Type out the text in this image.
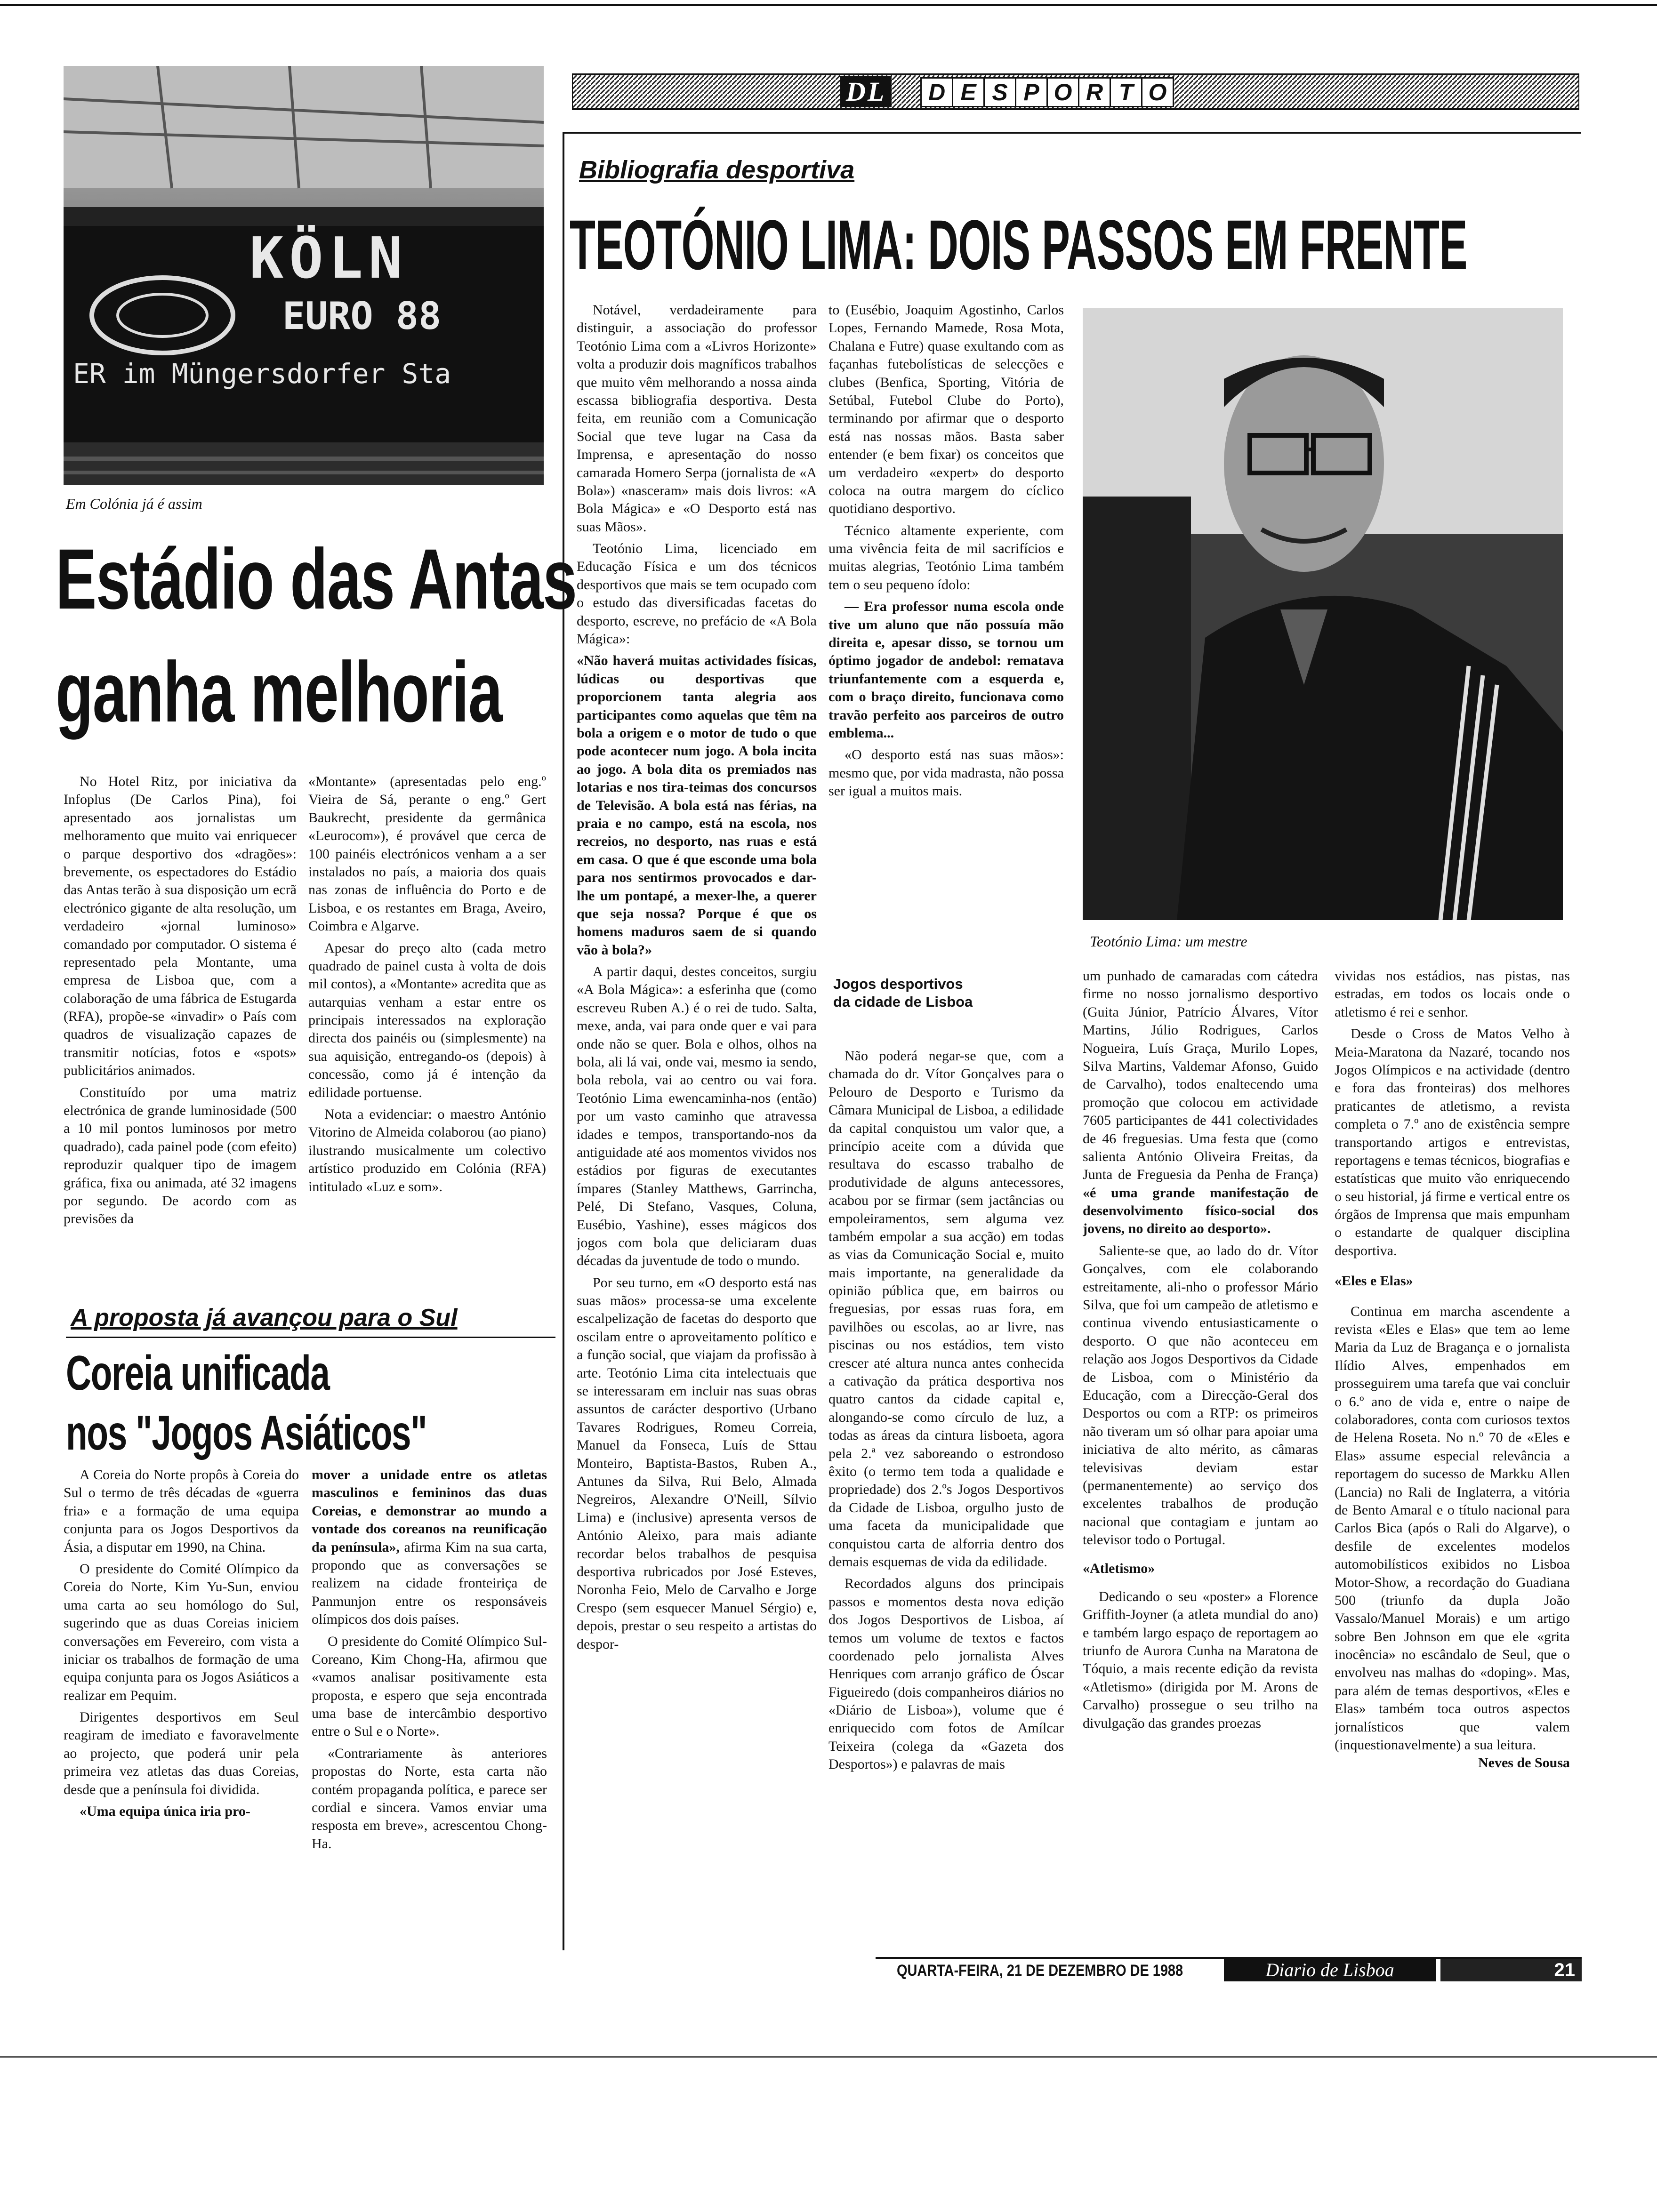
DL	D E S P O R T O
KÖLN
EURO 88
ER im Müngersdorfer Sta
Em Colónia já é assim
Estádio das Antas
ganha melhoria

No Hotel Ritz, por iniciativa da Infoplus (De Carlos Pina), foi apresentado aos jornalistas um melhoramento que muito vai enriquecer o parque desportivo dos «dragões»: brevemente, os espectadores do Estádio das Antas terão à sua disposição um ecrã electrónico gigante de alta resolução, um verdadeiro «jornal luminoso» comandado por computador. O sistema é representado pela Montante, uma empresa de Lisboa que, com a colaboração de uma fábrica de Estugarda (RFA), propõe-se «invadir» o País com quadros de visualização capazes de transmitir notícias, fotos e «spots» publicitários animados.

Constituído por uma matriz electrónica de grande luminosidade (500 a 10 mil pontos luminosos por metro quadrado), cada painel pode (com efeito) reproduzir qualquer tipo de imagem gráfica, fixa ou animada, até 32 imagens por segundo. De acordo com as previsões da

«Montante» (apresentadas pelo eng.º Vieira de Sá, perante o eng.º Gert Baukrecht, presidente da germânica «Leurocom»), é provável que cerca de 100 painéis electrónicos venham a a ser instalados no país, a maioria dos quais nas zonas de influência do Porto e de Lisboa, e os restantes em Braga, Aveiro, Coimbra e Algarve.

Apesar do preço alto (cada metro quadrado de painel custa à volta de dois mil contos), a «Montante» acredita que as autarquias venham a estar entre os principais interessados na exploração directa dos painéis ou (simplesmente) na sua aquisição, entregando-os (depois) à concessão, como já é intenção da edilidade portuense.

Nota a evidenciar: o maestro António Vitorino de Almeida colaborou (ao piano) ilustrando musicalmente um colectivo artístico produzido em Colónia (RFA) intitulado «Luz e som».

A proposta já avançou para o Sul
Coreia unificada
nos "Jogos Asiáticos"

A Coreia do Norte propôs à Coreia do Sul o termo de três décadas de «guerra fria» e a formação de uma equipa conjunta para os Jogos Desportivos da Ásia, a disputar em 1990, na China.

O presidente do Comité Olímpico da Coreia do Norte, Kim Yu-Sun, enviou uma carta ao seu homólogo do Sul, sugerindo que as duas Coreias iniciem conversações em Fevereiro, com vista a iniciar os trabalhos de formação de uma equipa conjunta para os Jogos Asiáticos a realizar em Pequim.

Dirigentes desportivos em Seul reagiram de imediato e favoravelmente ao projecto, que poderá unir pela primeira vez atletas das duas Coreias, desde que a península foi dividida.

«Uma equipa única iria pro-

mover a unidade entre os atletas masculinos e femininos das duas Coreias, e demonstrar ao mundo a vontade dos coreanos na reunificação da península», afirma Kim na sua carta, propondo que as conversações se realizem na cidade fronteiriça de Panmunjon entre os responsáveis olímpicos dos dois países.

O presidente do Comité Olímpico Sul-Coreano, Kim Chong-Ha, afirmou que «vamos analisar positivamente esta proposta, e espero que seja encontrada uma base de intercâmbio desportivo entre o Sul e o Norte».

«Contrariamente às anteriores propostas do Norte, esta carta não contém propaganda política, e parece ser cordial e sincera. Vamos enviar uma resposta em breve», acrescentou Chong-Ha.

Bibliografia desportiva
TEOTÓNIO LIMA: DOIS PASSOS EM FRENTE

Notável, verdadeiramente para distinguir, a associação do professor Teotónio Lima com a «Livros Horizonte» volta a produzir dois magníficos trabalhos que muito vêm melhorando a nossa ainda escassa bibliografia desportiva. Desta feita, em reunião com a Comunicação Social que teve lugar na Casa da Imprensa, e apresentação do nosso camarada Homero Serpa (jornalista de «A Bola») «nasceram» mais dois livros: «A Bola Mágica» e «O Desporto está nas suas Mãos».

Teotónio Lima, licenciado em Educação Física e um dos técnicos desportivos que mais se tem ocupado com o estudo das diversificadas facetas do desporto, escreve, no prefácio de «A Bola Mágica»:

«Não haverá muitas actividades físicas, lúdicas ou desportivas que proporcionem tanta alegria aos participantes como aquelas que têm na bola a origem e o motor de tudo o que pode acontecer num jogo. A bola incita ao jogo. A bola dita os premiados nas lotarias e nos tira-teimas dos concursos de Televisão. A bola está nas férias, na praia e no campo, está na escola, nos recreios, no desporto, nas ruas e está em casa. O que é que esconde uma bola para nos sentirmos provocados e dar-lhe um pontapé, a mexer-lhe, a querer que seja nossa? Porque é que os homens maduros saem de si quando vão à bola?»

A partir daqui, destes conceitos, surgiu «A Bola Mágica»: a esferinha que (como escreveu Ruben A.) é o rei de tudo. Salta, mexe, anda, vai para onde quer e vai para onde não se quer. Bola e olhos, olhos na bola, ali lá vai, onde vai, mesmo ia sendo, bola rebola, vai ao centro ou vai fora. Teotónio Lima ewencaminha-nos (então) por um vasto caminho que atravessa idades e tempos, transportando-nos da antiguidade até aos momentos vividos nos estádios por figuras de executantes ímpares (Stanley Matthews, Garrincha, Pelé, Di Stefano, Vasques, Coluna, Eusébio, Yashine), esses mágicos dos jogos com bola que deliciaram duas décadas da juventude de todo o mundo.

Por seu turno, em «O desporto está nas suas mãos» processa-se uma excelente escalpelização de facetas do desporto que oscilam entre o aproveitamento político e a função social, que viajam da profissão à arte. Teotónio Lima cita intelectuais que se interessaram em incluir nas suas obras assuntos de carácter desportivo (Urbano Tavares Rodrigues, Romeu Correia, Manuel da Fonseca, Luís de Sttau Monteiro, Baptista-Bastos, Ruben A., Antunes da Silva, Rui Belo, Almada Negreiros, Alexandre O'Neill, Sílvio Lima) e (inclusive) apresenta versos de António Aleixo, para mais adiante recordar belos trabalhos de pesquisa desportiva rubricados por José Esteves, Noronha Feio, Melo de Carvalho e Jorge Crespo (sem esquecer Manuel Sérgio) e, depois, prestar o seu respeito a artistas do despor-

to (Eusébio, Joaquim Agostinho, Carlos Lopes, Fernando Mamede, Rosa Mota, Chalana e Futre) quase exultando com as façanhas futebolísticas de selecções e clubes (Benfica, Sporting, Vitória de Setúbal, Futebol Clube do Porto), terminando por afirmar que o desporto está nas nossas mãos. Basta saber entender (e bem fixar) os conceitos que um verdadeiro «expert» do desporto coloca na outra margem do cíclico quotidiano desportivo.

Técnico altamente experiente, com uma vivência feita de mil sacrifícios e muitas alegrias, Teotónio Lima também tem o seu pequeno ídolo:

— Era professor numa escola onde tive um aluno que não possuía mão direita e, apesar disso, se tornou um óptimo jogador de andebol: rematava triunfantemente com a esquerda e, com o braço direito, funcionava como travão perfeito aos parceiros de outro emblema...

«O desporto está nas suas mãos»: mesmo que, por vida madrasta, não possa ser igual a muitos mais.

Teotónio Lima: um mestre
Jogos desportivos
da cidade de Lisboa

Não poderá negar-se que, com a chamada do dr. Vítor Gonçalves para o Pelouro de Desporto e Turismo da Câmara Municipal de Lisboa, a edilidade da capital conquistou um valor que, a princípio aceite com a dúvida que resultava do escasso trabalho de produtividade de alguns antecessores, acabou por se firmar (sem jactâncias ou empoleiramentos, sem alguma vez também empolar a sua acção) em todas as vias da Comunicação Social e, muito mais importante, na generalidade da opinião pública que, em bairros ou freguesias, por essas ruas fora, em pavilhões ou escolas, ao ar livre, nas piscinas ou nos estádios, tem visto crescer até altura nunca antes conhecida a cativação da prática desportiva nos quatro cantos da cidade capital e, alongando-se como círculo de luz, a todas as áreas da cintura lisboeta, agora pela 2.ª vez saboreando o estrondoso êxito (o termo tem toda a qualidade e propriedade) dos 2.ºs Jogos Desportivos da Cidade de Lisboa, orgulho justo de uma faceta da municipalidade que conquistou carta de alforria dentro dos demais esquemas de vida da edilidade.

Recordados alguns dos principais passos e momentos desta nova edição dos Jogos Desportivos de Lisboa, aí temos um volume de textos e factos coordenado pelo jornalista Alves Henriques com arranjo gráfico de Óscar Figueiredo (dois companheiros diários no «Diário de Lisboa»), volume que é enriquecido com fotos de Amílcar Teixeira (colega da «Gazeta dos Desportos») e palavras de mais

um punhado de camaradas com cátedra firme no nosso jornalismo desportivo (Guita Júnior, Patrício Álvares, Vítor Martins, Júlio Rodrigues, Carlos Nogueira, Luís Graça, Murilo Lopes, Silva Martins, Valdemar Afonso, Guido de Carvalho), todos enaltecendo uma promoção que colocou em actividade 7605 participantes de 441 colectividades de 46 freguesias. Uma festa que (como salienta António Oliveira Freitas, da Junta de Freguesia da Penha de França) «é uma grande manifestação de desenvolvimento físico-social dos jovens, no direito ao desporto».

Saliente-se que, ao lado do dr. Vítor Gonçalves, com ele colaborando estreitamente, ali-nho o professor Mário Silva, que foi um campeão de atletismo e continua vivendo entusiasticamente o desporto. O que não aconteceu em relação aos Jogos Desportivos da Cidade de Lisboa, com o Ministério da Educação, com a Direcção-Geral dos Desportos ou com a RTP: os primeiros não tiveram um só olhar para apoiar uma iniciativa de alto mérito, as câmaras televisivas deviam estar (permanentemente) ao serviço dos excelentes trabalhos de produção nacional que contagiam e juntam ao televisor todo o Portugal.

«Atletismo»

Dedicando o seu «poster» a Florence Griffith-Joyner (a atleta mundial do ano) e também largo espaço de reportagem ao triunfo de Aurora Cunha na Maratona de Tóquio, a mais recente edição da revista «Atletismo» (dirigida por M. Arons de Carvalho) prossegue o seu trilho na divulgação das grandes proezas

vividas nos estádios, nas pistas, nas estradas, em todos os locais onde o atletismo é rei e senhor.

Desde o Cross de Matos Velho à Meia-Maratona da Nazaré, tocando nos Jogos Olímpicos e na actividade (dentro e fora das fronteiras) dos melhores praticantes de atletismo, a revista completa o 7.º ano de existência sempre transportando artigos e entrevistas, reportagens e temas técnicos, biografias e estatísticas que muito vão enriquecendo o seu historial, já firme e vertical entre os órgãos de Imprensa que mais empunham o estandarte de qualquer disciplina desportiva.

«Eles e Elas»

Continua em marcha ascendente a revista «Eles e Elas» que tem ao leme Maria da Luz de Bragança e o jornalista Ilídio Alves, empenhados em prosseguirem uma tarefa que vai concluir o 6.º ano de vida e, entre o naipe de colaboradores, conta com curiosos textos de Helena Roseta. No n.º 70 de «Eles e Elas» assume especial relevância a reportagem do sucesso de Markku Allen (Lancia) no Rali de Inglaterra, a vitória de Bento Amaral e o título nacional para Carlos Bica (após o Rali do Algarve), o desfile de excelentes modelos automobilísticos exibidos no Lisboa Motor-Show, a recordação do Guadiana 500 (triunfo da dupla João Vassalo/Manuel Morais) e um artigo sobre Ben Johnson em que ele «grita inocência» no escândalo de Seul, que o envolveu nas malhas do «doping». Mas, para além de temas desportivos, «Eles e Elas» também toca outros aspectos jornalísticos que valem (inquestionavelmente) a sua leitura.
Neves de Sousa

QUARTA-FEIRA, 21 DE DEZEMBRO DE 1988	Diario de Lisboa	21
